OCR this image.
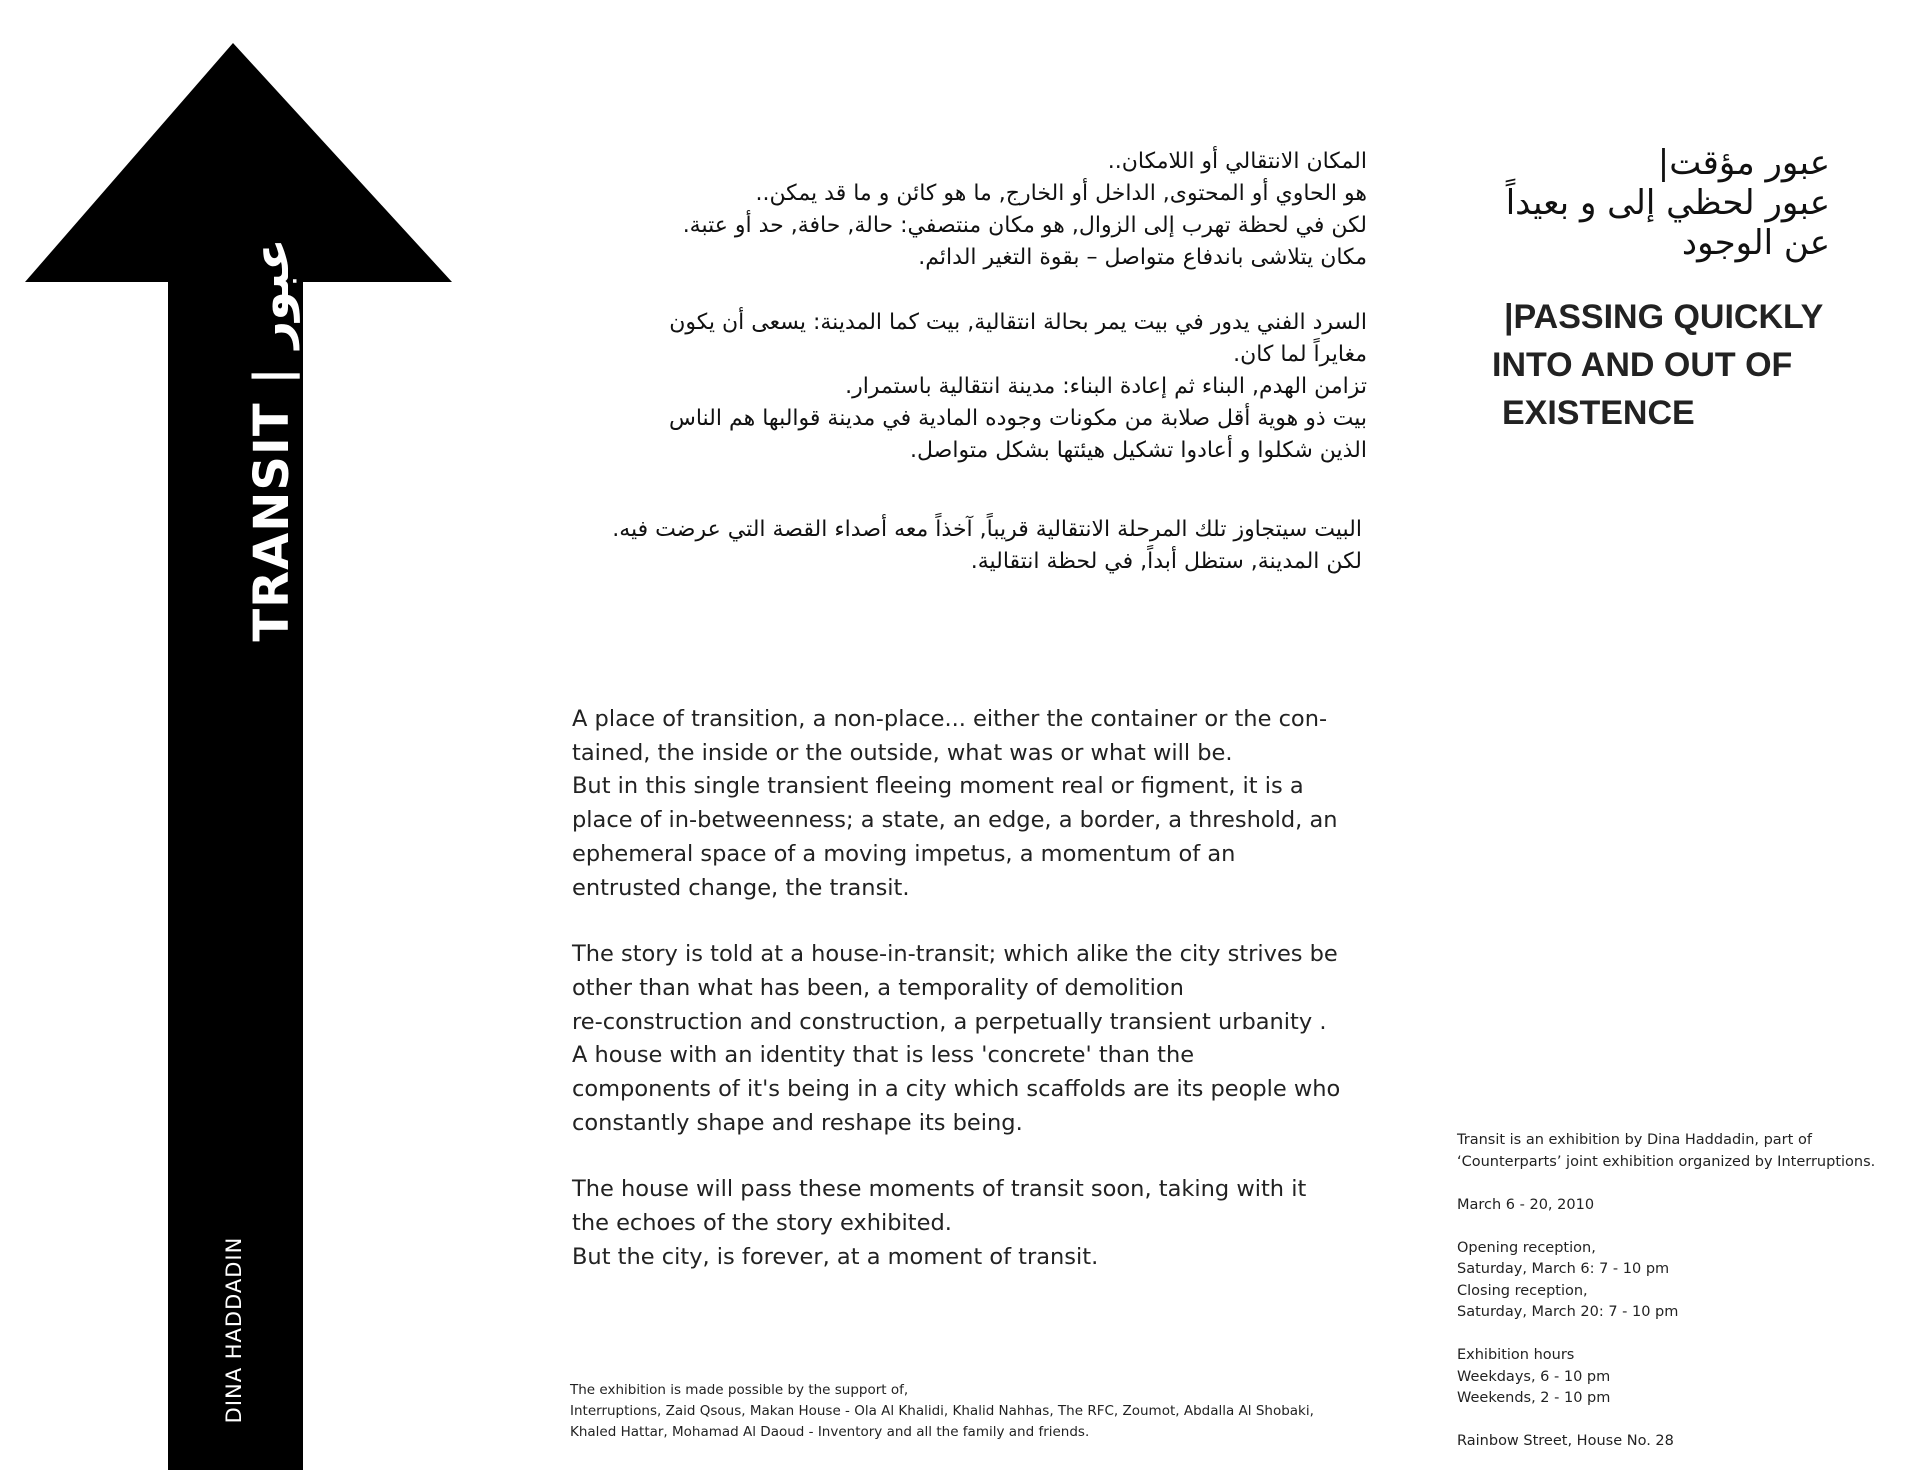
TRANSIT | عبور
DINA HADDADIN

المكان الانتقالي أو اللامكان..

هو الحاوي أو المحتوى, الداخل أو الخارج, ما هو كائن و ما قد يمكن..

لكن في لحظة تهرب إلى الزوال, هو مكان منتصفي: حالة, حافة, حد أو عتبة.

مكان يتلاشى باندفاع متواصل – بقوة التغير الدائم.

السرد الفني يدور في بيت يمر بحالة انتقالية, بيت كما المدينة: يسعى أن يكون

مغايراً لما كان.

تزامن الهدم, البناء ثم إعادة البناء: مدينة انتقالية باستمرار.

بيت ذو هوية أقل صلابة من مكونات وجوده المادية في مدينة قوالبها هم الناس

الذين شكلوا و أعادوا تشكيل هيئتها بشكل متواصل.

البيت سيتجاوز تلك المرحلة الانتقالية قريباً, آخذاً معه أصداء القصة التي عرضت فيه.

لكن المدينة, ستظل أبداً, في لحظة انتقالية.

عبور مؤقت|

عبور لحظي إلى و بعيداً

عن الوجود

|PASSING QUICKLY
INTO AND OUT OF
EXISTENCE

A place of transition, a non-place... either the container or the con-
tained, the inside or the outside, what was or what will be.
But in this single transient fleeing moment real or figment, it is a
place of in-betweenness; a state, an edge, a border, a threshold, an
ephemeral space of a moving impetus, a momentum of an
entrusted change, the transit.

The story is told at a house-in-transit; which alike the city strives be
other than what has been, a temporality of demolition
re-construction and construction, a perpetually transient urbanity .
A house with an identity that is less 'concrete' than the
components of it's being in a city which scaffolds are its people who
constantly shape and reshape its being.

The house will pass these moments of transit soon, taking with it
the echoes of the story exhibited.
But the city, is forever, at a moment of transit.

The exhibition is made possible by the support of,
Interruptions, Zaid Qsous, Makan House - Ola Al Khalidi, Khalid Nahhas, The RFC, Zoumot, Abdalla Al Shobaki,
Khaled Hattar, Mohamad Al Daoud - Inventory and all the family and friends.
Transit is an exhibition by Dina Haddadin, part of
‘Counterparts’ joint exhibition organized by Interruptions.
March 6 - 20, 2010
Opening reception,
Saturday, March 6: 7 - 10 pm
Closing reception,
Saturday, March 20: 7 - 10 pm
Exhibition hours
Weekdays, 6 - 10 pm
Weekends, 2 - 10 pm
Rainbow Street, House No. 28
